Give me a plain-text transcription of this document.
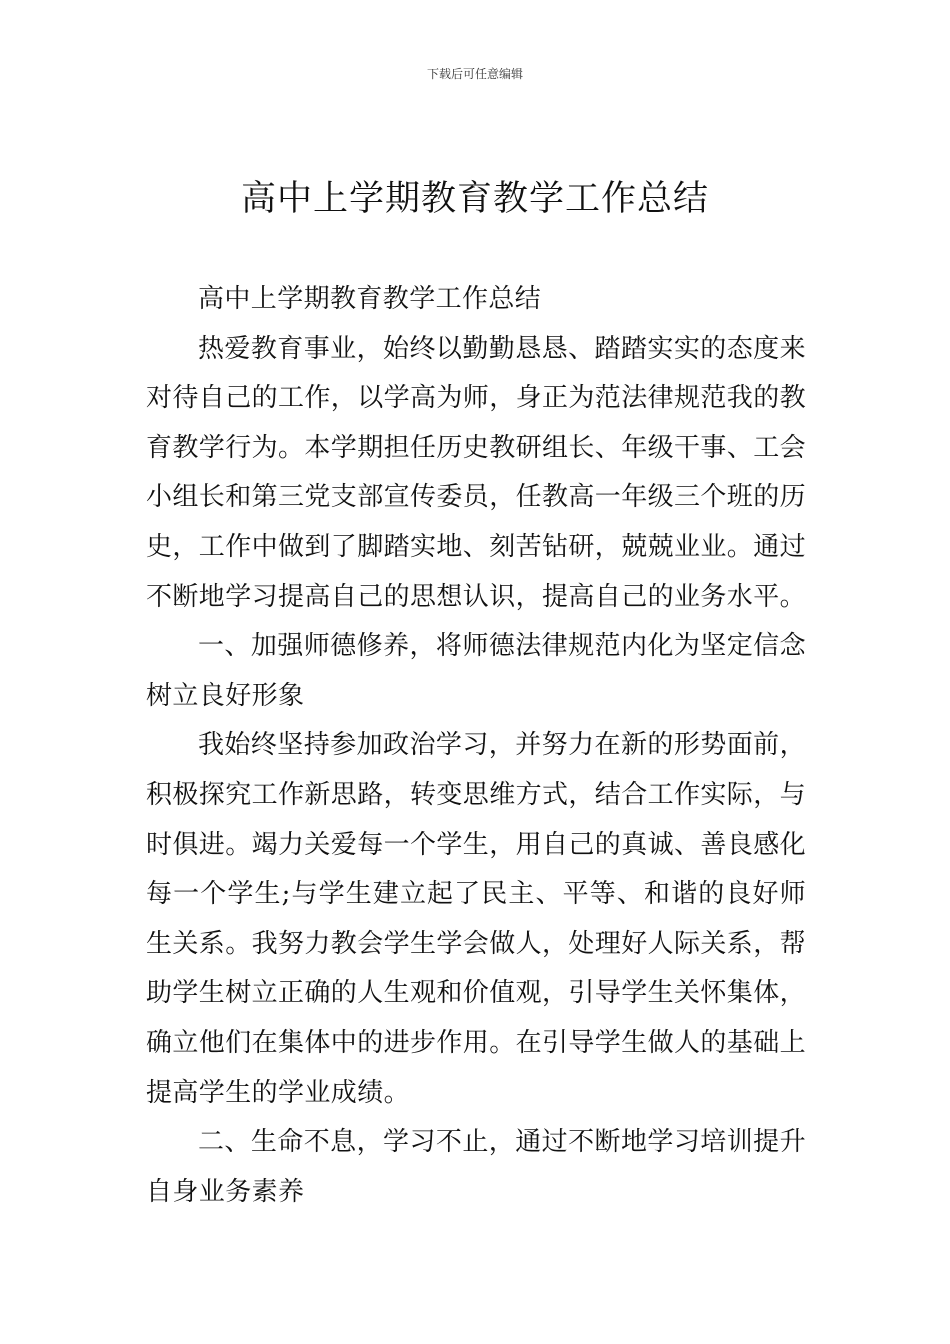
下载后可任意编辑
高中上学期教育教学工作总结

高中上学期教育教学工作总结

热爱教育事业，始终以勤勤恳恳、踏踏实实的态度来对待自己的工作，以学高为师，身正为范法律规范我的教育教学行为。本学期担任历史教研组长、年级干事、工会小组长和第三党支部宣传委员，任教高一年级三个班的历史，工作中做到了脚踏实地、刻苦钻研，兢兢业业。通过不断地学习提高自己的思想认识，提高自己的业务水平。

一、加强师德修养，将师德法律规范内化为坚定信念树立良好形象

我始终坚持参加政治学习，并努力在新的形势面前，积极探究工作新思路，转变思维方式，结合工作实际，与时俱进。竭力关爱每一个学生，用自己的真诚、善良感化每一个学生;与学生建立起了民主、平等、和谐的良好师生关系。我努力教会学生学会做人，处理好人际关系，帮助学生树立正确的人生观和价值观，引导学生关怀集体，确立他们在集体中的进步作用。在引导学生做人的基础上提高学生的学业成绩。

二、生命不息，学习不止，通过不断地学习培训提升自身业务素养
